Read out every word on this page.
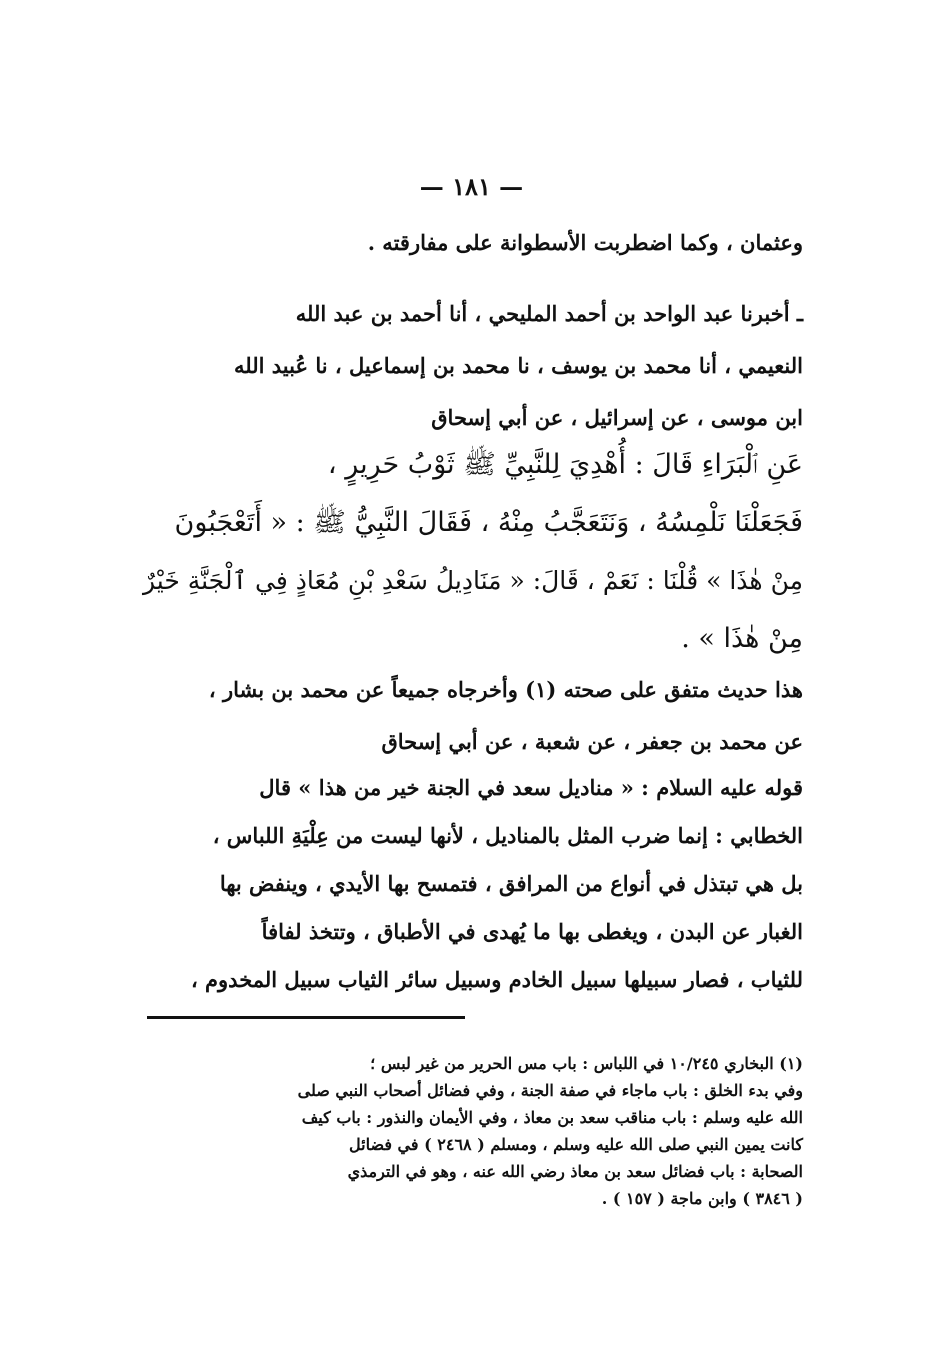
— ١٨١ —
وعثمان ، وكما اضطربت الأسطوانة على مفارقته .
ـ أخبرنا عبد الواحد بن أحمد المليحي ، أنا أحمد بن عبد الله
النعيمي ، أنا محمد بن يوسف ، نا محمد بن إسماعيل ، نا عُبيد الله
ابن موسى ، عن إسرائيل ، عن أبي إسحاق
عَنِ ٱلْبَرَاءِ قَالَ : أُهْدِيَ لِلنَّبِيِّ ﷺ ثَوْبُ حَرِيرٍ ،
فَجَعَلْنَا نَلْمِسُهُ ، وَنَتَعَجَّبُ مِنْهُ ، فَقَالَ النَّبِيُّ ﷺ : « أَتَعْجَبُونَ
مِنْ هٰذَا » قُلْنَا : نَعَمْ ، قَالَ: « مَنَادِيلُ سَعْدِ بْنِ مُعَاذٍ فِي ٱلْجَنَّةِ خَيْرٌ
مِنْ هٰذَا » .
هذا حديث متفق على صحته (١) وأخرجاه جميعاً عن محمد بن بشار ،
عن محمد بن جعفر ، عن شعبة ، عن أبي إسحاق
قوله عليه السلام : « مناديل سعد في الجنة خير من هذا » قال
الخطابي : إنما ضرب المثل بالمناديل ، لأنها ليست من عِلْيَةِ اللباس ،
بل هي تبتذل في أنواع من المرافق ، فتمسح بها الأيدي ، وينفض بها
الغبار عن البدن ، ويغطى بها ما يُهدى في الأطباق ، وتتخذ لفافاً
للثياب ، فصار سبيلها سبيل الخادم وسبيل سائر الثياب سبيل المخدوم ،
(١) البخاري ١٠/٢٤٥ في اللباس : باب مس الحرير من غير لبس ؛
وفي بدء الخلق : باب ماجاء في صفة الجنة ، وفي فضائل أصحاب النبي صلى
الله عليه وسلم : باب مناقب سعد بن معاذ ، وفي الأيمان والنذور : باب كيف
كانت يمين النبي صلى الله عليه وسلم ، ومسلم ( ٢٤٦٨ ) في فضائل
الصحابة : باب فضائل سعد بن معاذ رضي الله عنه ، وهو في الترمذي
( ٣٨٤٦ ) وابن ماجة ( ١٥٧ ) .
